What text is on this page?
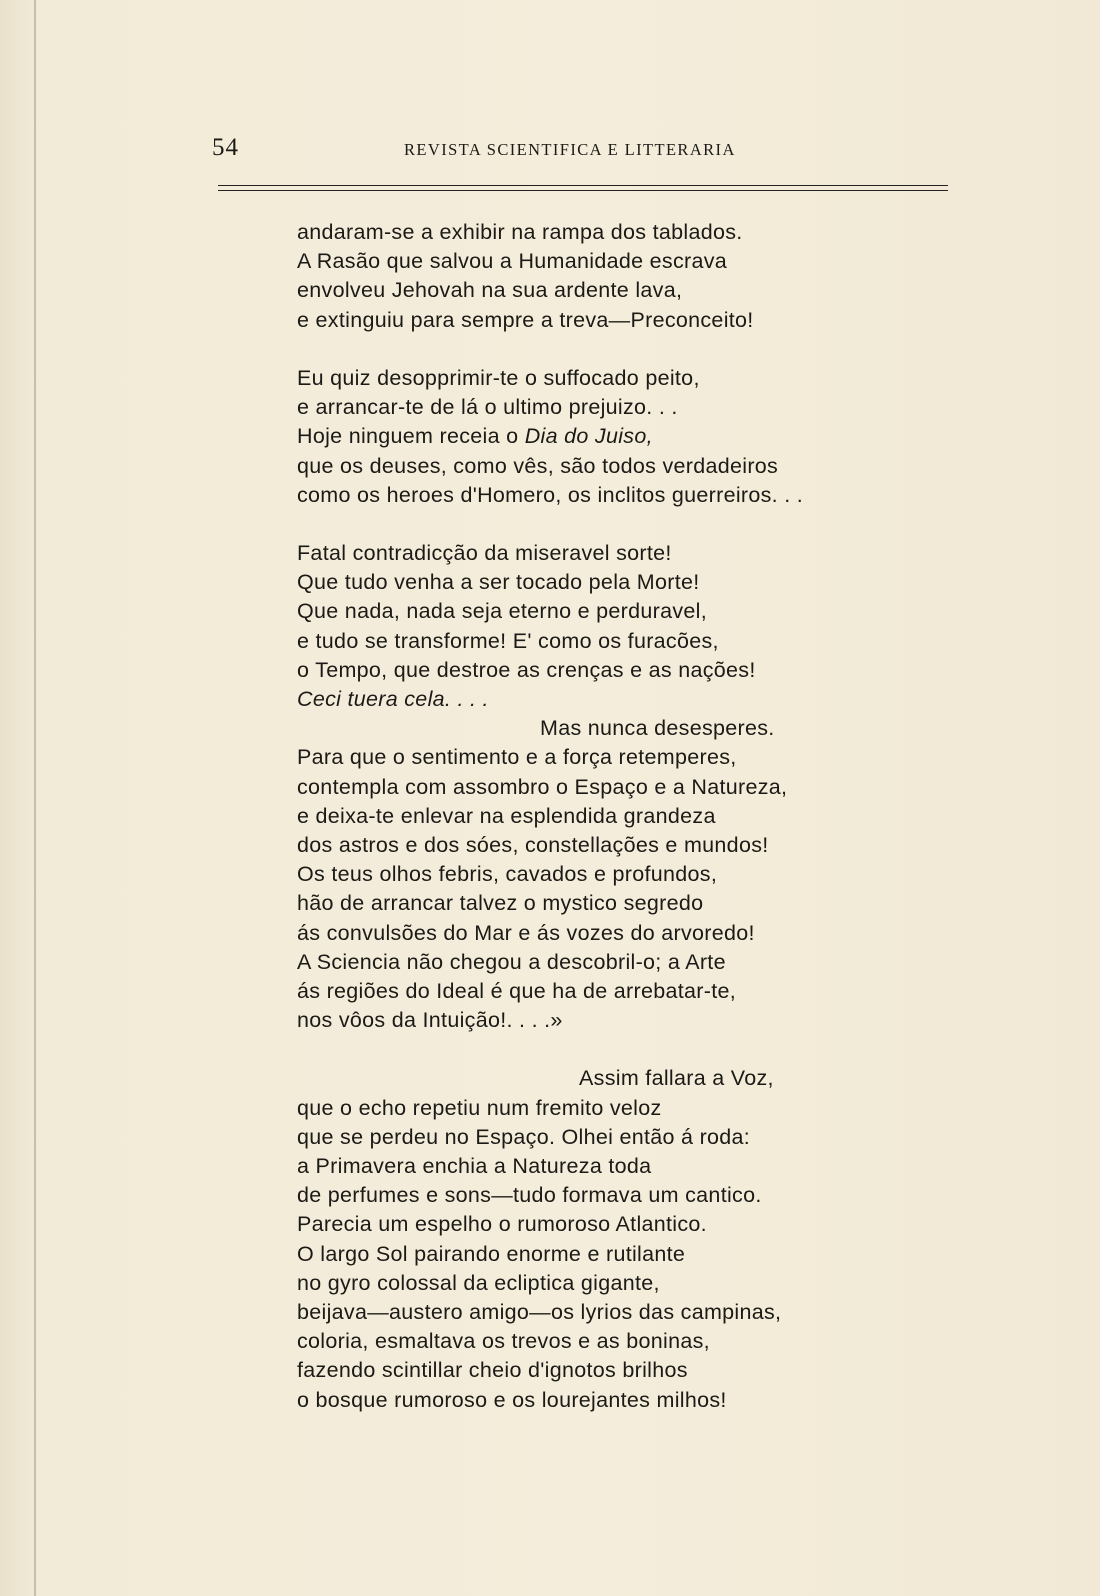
54	REVISTA SCIENTIFICA E LITTERARIA
andaram-se a exhibir na rampa dos tablados.
A Rasão que salvou a Humanidade escrava
envolveu Jehovah na sua ardente lava,
e extinguiu para sempre a treva—Preconceito!
Eu quiz desopprimir-te o suffocado peito,
e arrancar-te de lá o ultimo prejuizo. . .
Hoje ninguem receia o Dia do Juiso,
que os deuses, como vês, são todos verdadeiros
como os heroes d'Homero, os inclitos guerreiros. . .
Fatal contradicção da miseravel sorte!
Que tudo venha a ser tocado pela Morte!
Que nada, nada seja eterno e perduravel,
e tudo se transforme! E' como os furacões,
o Tempo, que destroe as crenças e as nações!
Ceci tuera cela. . . .
Mas nunca desesperes.
Para que o sentimento e a força retemperes,
contempla com assombro o Espaço e a Natureza,
e deixa-te enlevar na esplendida grandeza
dos astros e dos sóes, constellações e mundos!
Os teus olhos febris, cavados e profundos,
hão de arrancar talvez o mystico segredo
ás convulsões do Mar e ás vozes do arvoredo!
A Sciencia não chegou a descobril-o; a Arte
ás regiões do Ideal é que ha de arrebatar-te,
nos vôos da Intuição!. . . .»
Assim fallara a Voz,
que o echo repetiu num fremito veloz
que se perdeu no Espaço. Olhei então á roda:
a Primavera enchia a Natureza toda
de perfumes e sons—tudo formava um cantico.
Parecia um espelho o rumoroso Atlantico.
O largo Sol pairando enorme e rutilante
no gyro colossal da ecliptica gigante,
beijava—austero amigo—os lyrios das campinas,
coloria, esmaltava os trevos e as boninas,
fazendo scintillar cheio d'ignotos brilhos
o bosque rumoroso e os lourejantes milhos!
